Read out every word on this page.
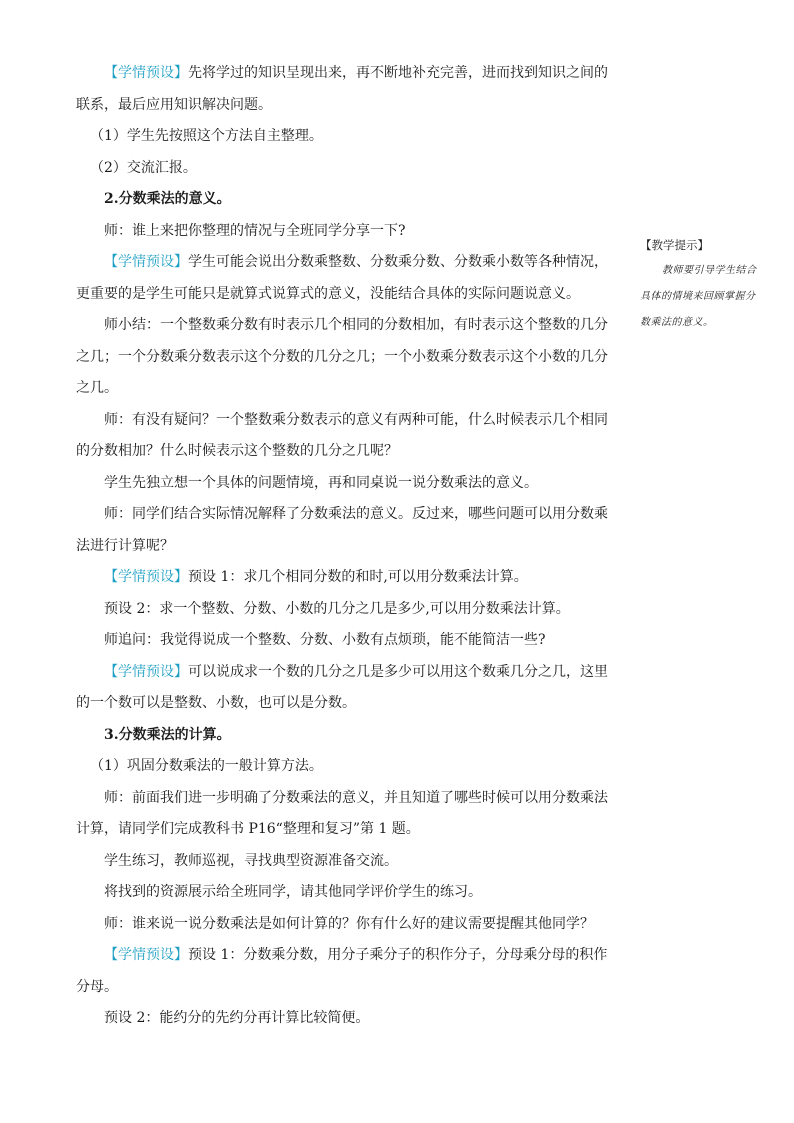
【学情预设】先将学过的知识呈现出来，再不断地补充完善，进而找到知识之间的联系，最后应用知识解决问题。

（1）学生先按照这个方法自主整理。

（2）交流汇报。

2.分数乘法的意义。

师：谁上来把你整理的情况与全班同学分享一下?

【学情预设】学生可能会说出分数乘整数、分数乘分数、分数乘小数等各种情况，更重要的是学生可能只是就算式说算式的意义，没能结合具体的实际问题说意义。

师小结：一个整数乘分数有时表示几个相同的分数相加，有时表示这个整数的几分之几；一个分数乘分数表示这个分数的几分之几；一个小数乘分数表示这个小数的几分之几。

师：有没有疑问？一个整数乘分数表示的意义有两种可能，什么时候表示几个相同的分数相加？什么时候表示这个整数的几分之几呢？

学生先独立想一个具体的问题情境，再和同桌说一说分数乘法的意义。

师：同学们结合实际情况解释了分数乘法的意义。反过来，哪些问题可以用分数乘法进行计算呢？

【学情预设】预设 1：求几个相同分数的和时,可以用分数乘法计算。

预设 2：求一个整数、分数、小数的几分之几是多少,可以用分数乘法计算。

师追问：我觉得说成一个整数、分数、小数有点烦琐，能不能简洁一些?

【学情预设】可以说成求一个数的几分之几是多少可以用这个数乘几分之几，这里的一个数可以是整数、小数，也可以是分数。

3.分数乘法的计算。

（1）巩固分数乘法的一般计算方法。

师：前面我们进一步明确了分数乘法的意义，并且知道了哪些时候可以用分数乘法计算，请同学们完成教科书 P16“整理和复习”第 1 题。

学生练习，教师巡视，寻找典型资源准备交流。

将找到的资源展示给全班同学，请其他同学评价学生的练习。

师：谁来说一说分数乘法是如何计算的？你有什么好的建议需要提醒其他同学？

【学情预设】预设 1：分数乘分数，用分子乘分子的积作分子，分母乘分母的积作分母。

预设 2：能约分的先约分再计算比较简便。

【教学提示】

教师要引导学生结合具体的情境来回顾掌握分数乘法的意义。
